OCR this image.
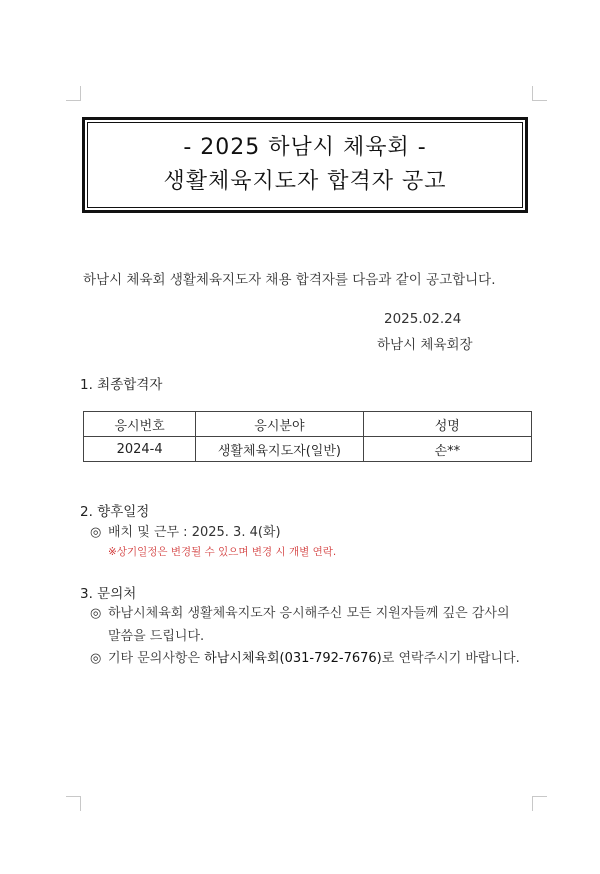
- 2025 하남시 체육회 -
생활체육지도자 합격자 공고
하남시 체육회 생활체육지도자 채용 합격자를 다음과 같이 공고합니다.
2025.02.24
하남시 체육회장
1. 최종합격자
응시번호	응시분야	성명
2024-4	생활체육지도자(일반)	손**
2. 향후일정
◎ 배치 및 근무 : 2025. 3. 4(화)
※상기일정은 변경될 수 있으며 변경 시 개별 연락.
3. 문의처
◎ 하남시체육회 생활체육지도자 응시해주신 모든 지원자들께 깊은 감사의
말씀을 드립니다.
◎ 기타 문의사항은 하남시체육회(031-792-7676)로 연락주시기 바랍니다.
